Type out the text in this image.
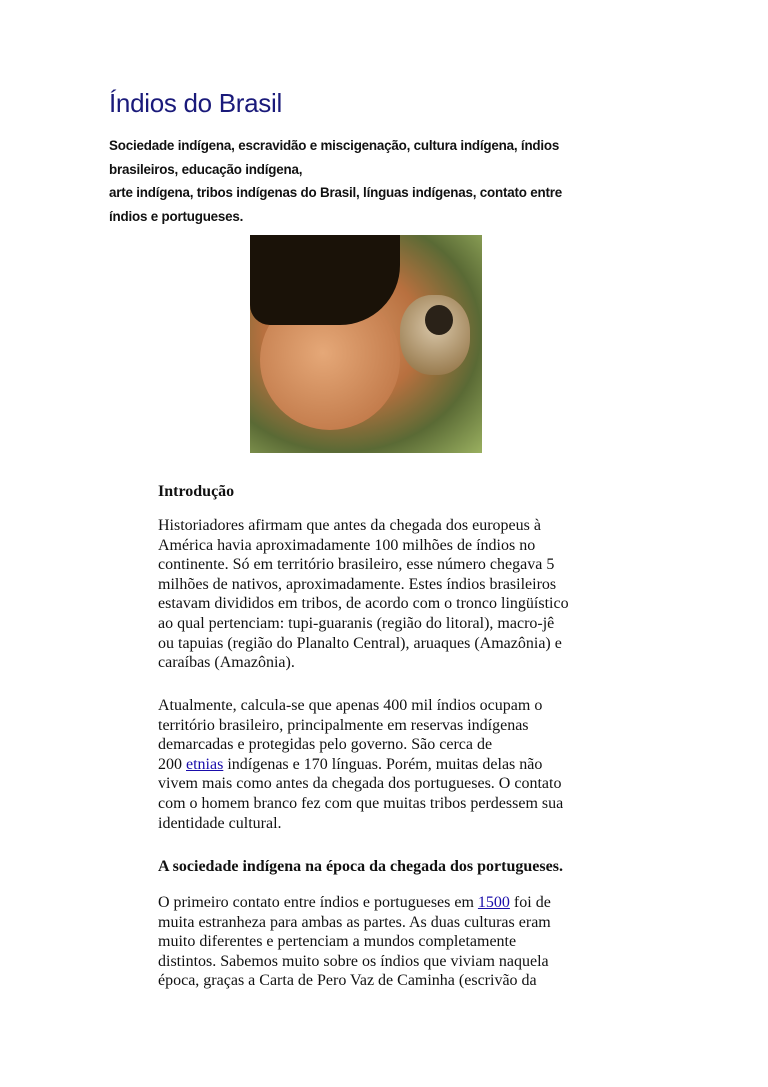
Índios do Brasil
Sociedade indígena, escravidão e miscigenação, cultura indígena, índios
brasileiros, educação indígena,
arte indígena, tribos indígenas do Brasil, línguas indígenas, contato entre
índios e portugueses.
Introdução
Historiadores afirmam que antes da chegada dos europeus à
América havia aproximadamente 100 milhões de índios no
continente. Só em território brasileiro, esse número chegava 5
milhões de nativos, aproximadamente. Estes índios brasileiros
estavam divididos em tribos, de acordo com o tronco lingüístico
ao qual pertenciam: tupi-guaranis (região do litoral), macro-jê
ou tapuias (região do Planalto Central), aruaques (Amazônia) e
caraíbas (Amazônia).
Atualmente, calcula-se que apenas 400 mil índios ocupam o
território brasileiro, principalmente em reservas indígenas
demarcadas e protegidas pelo governo. São cerca de
200 etnias indígenas e 170 línguas. Porém, muitas delas não
vivem mais como antes da chegada dos portugueses. O contato
com o homem branco fez com que muitas tribos perdessem sua
identidade cultural.
A sociedade indígena na época da chegada dos portugueses.
O primeiro contato entre índios e portugueses em 1500 foi de
muita estranheza para ambas as partes. As duas culturas eram
muito diferentes e pertenciam a mundos completamente
distintos. Sabemos muito sobre os índios que viviam naquela
época, graças a Carta de Pero Vaz de Caminha (escrivão da
